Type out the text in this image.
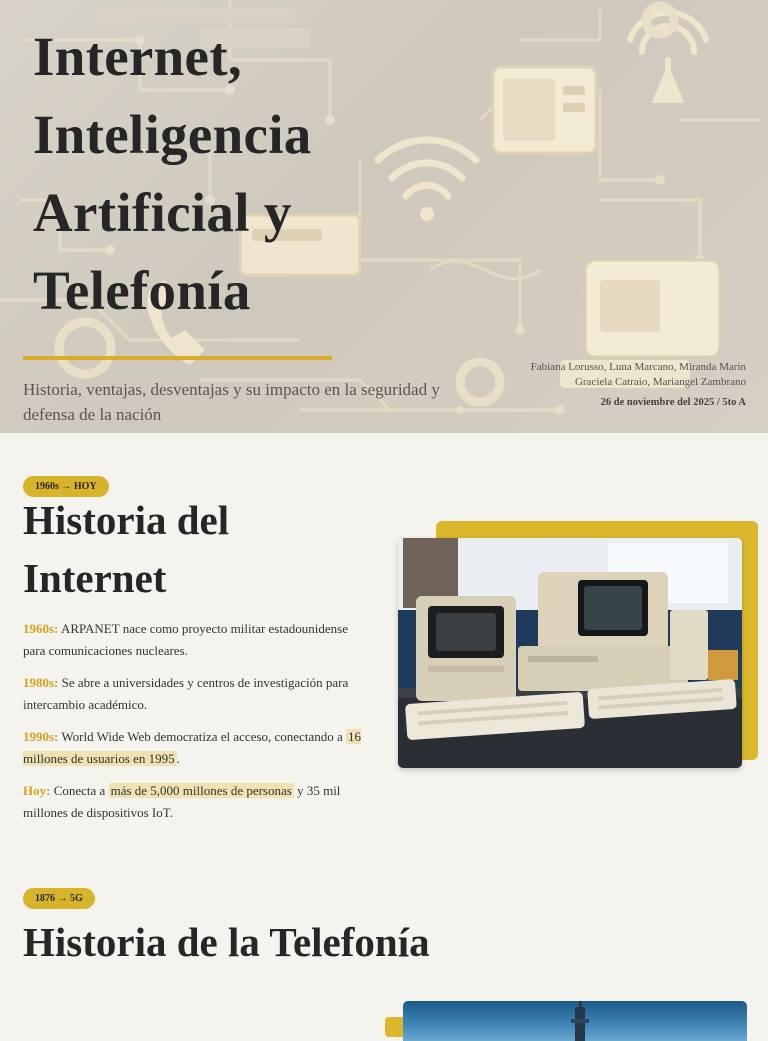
Internet,
Inteligencia
Artificial y
Telefonía

Historia, ventajas, desventajas y su impacto en la seguridad y defensa de la nación

Fabiana Lorusso, Luna Marcano, Miranda Marin
Graciela Catraio, Mariangel Zambrano
26 de noviembre del 2025 / 5to A
1960s → HOY
Historia del Internet
1960s: ARPANET nace como proyecto militar estadounidense para comunicaciones nucleares.
1980s: Se abre a universidades y centros de investigación para intercambio académico.
1990s: World Wide Web democratiza el acceso, conectando a 16 millones de usuarios en 1995 .
Hoy: Conecta a más de 5,000 millones de personas y 35 mil millones de dispositivos IoT.
1876 → 5G
Historia de la Telefonía
